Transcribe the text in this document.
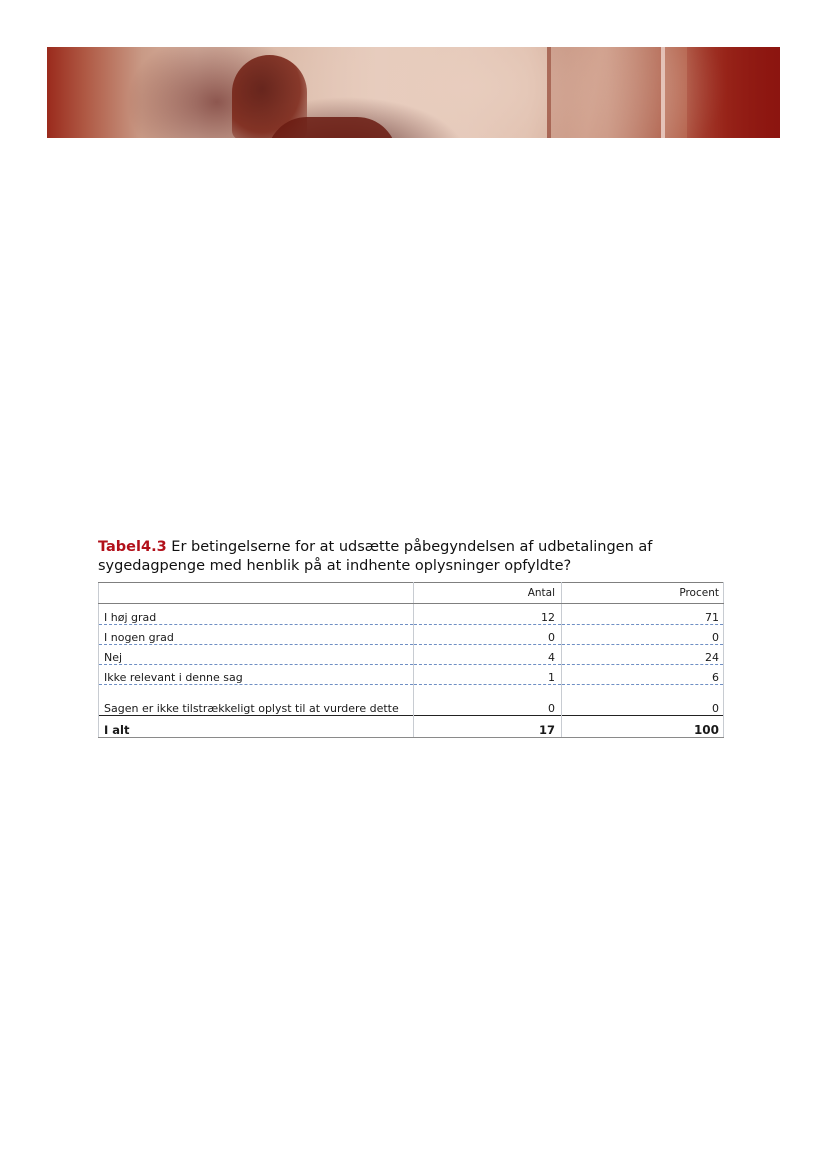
Tabel4.3 Er betingelserne for at udsætte påbegyndelsen af udbetalingen af sygedagpenge med henblik på at indhente oplysninger opfyldte?
	Antal	Procent
I høj grad	12	71
I nogen grad	0	0
Nej	4	24
Ikke relevant i denne sag	1	6
Sagen er ikke tilstrækkeligt oplyst til at vurdere dette	0	0
I alt	17	100
